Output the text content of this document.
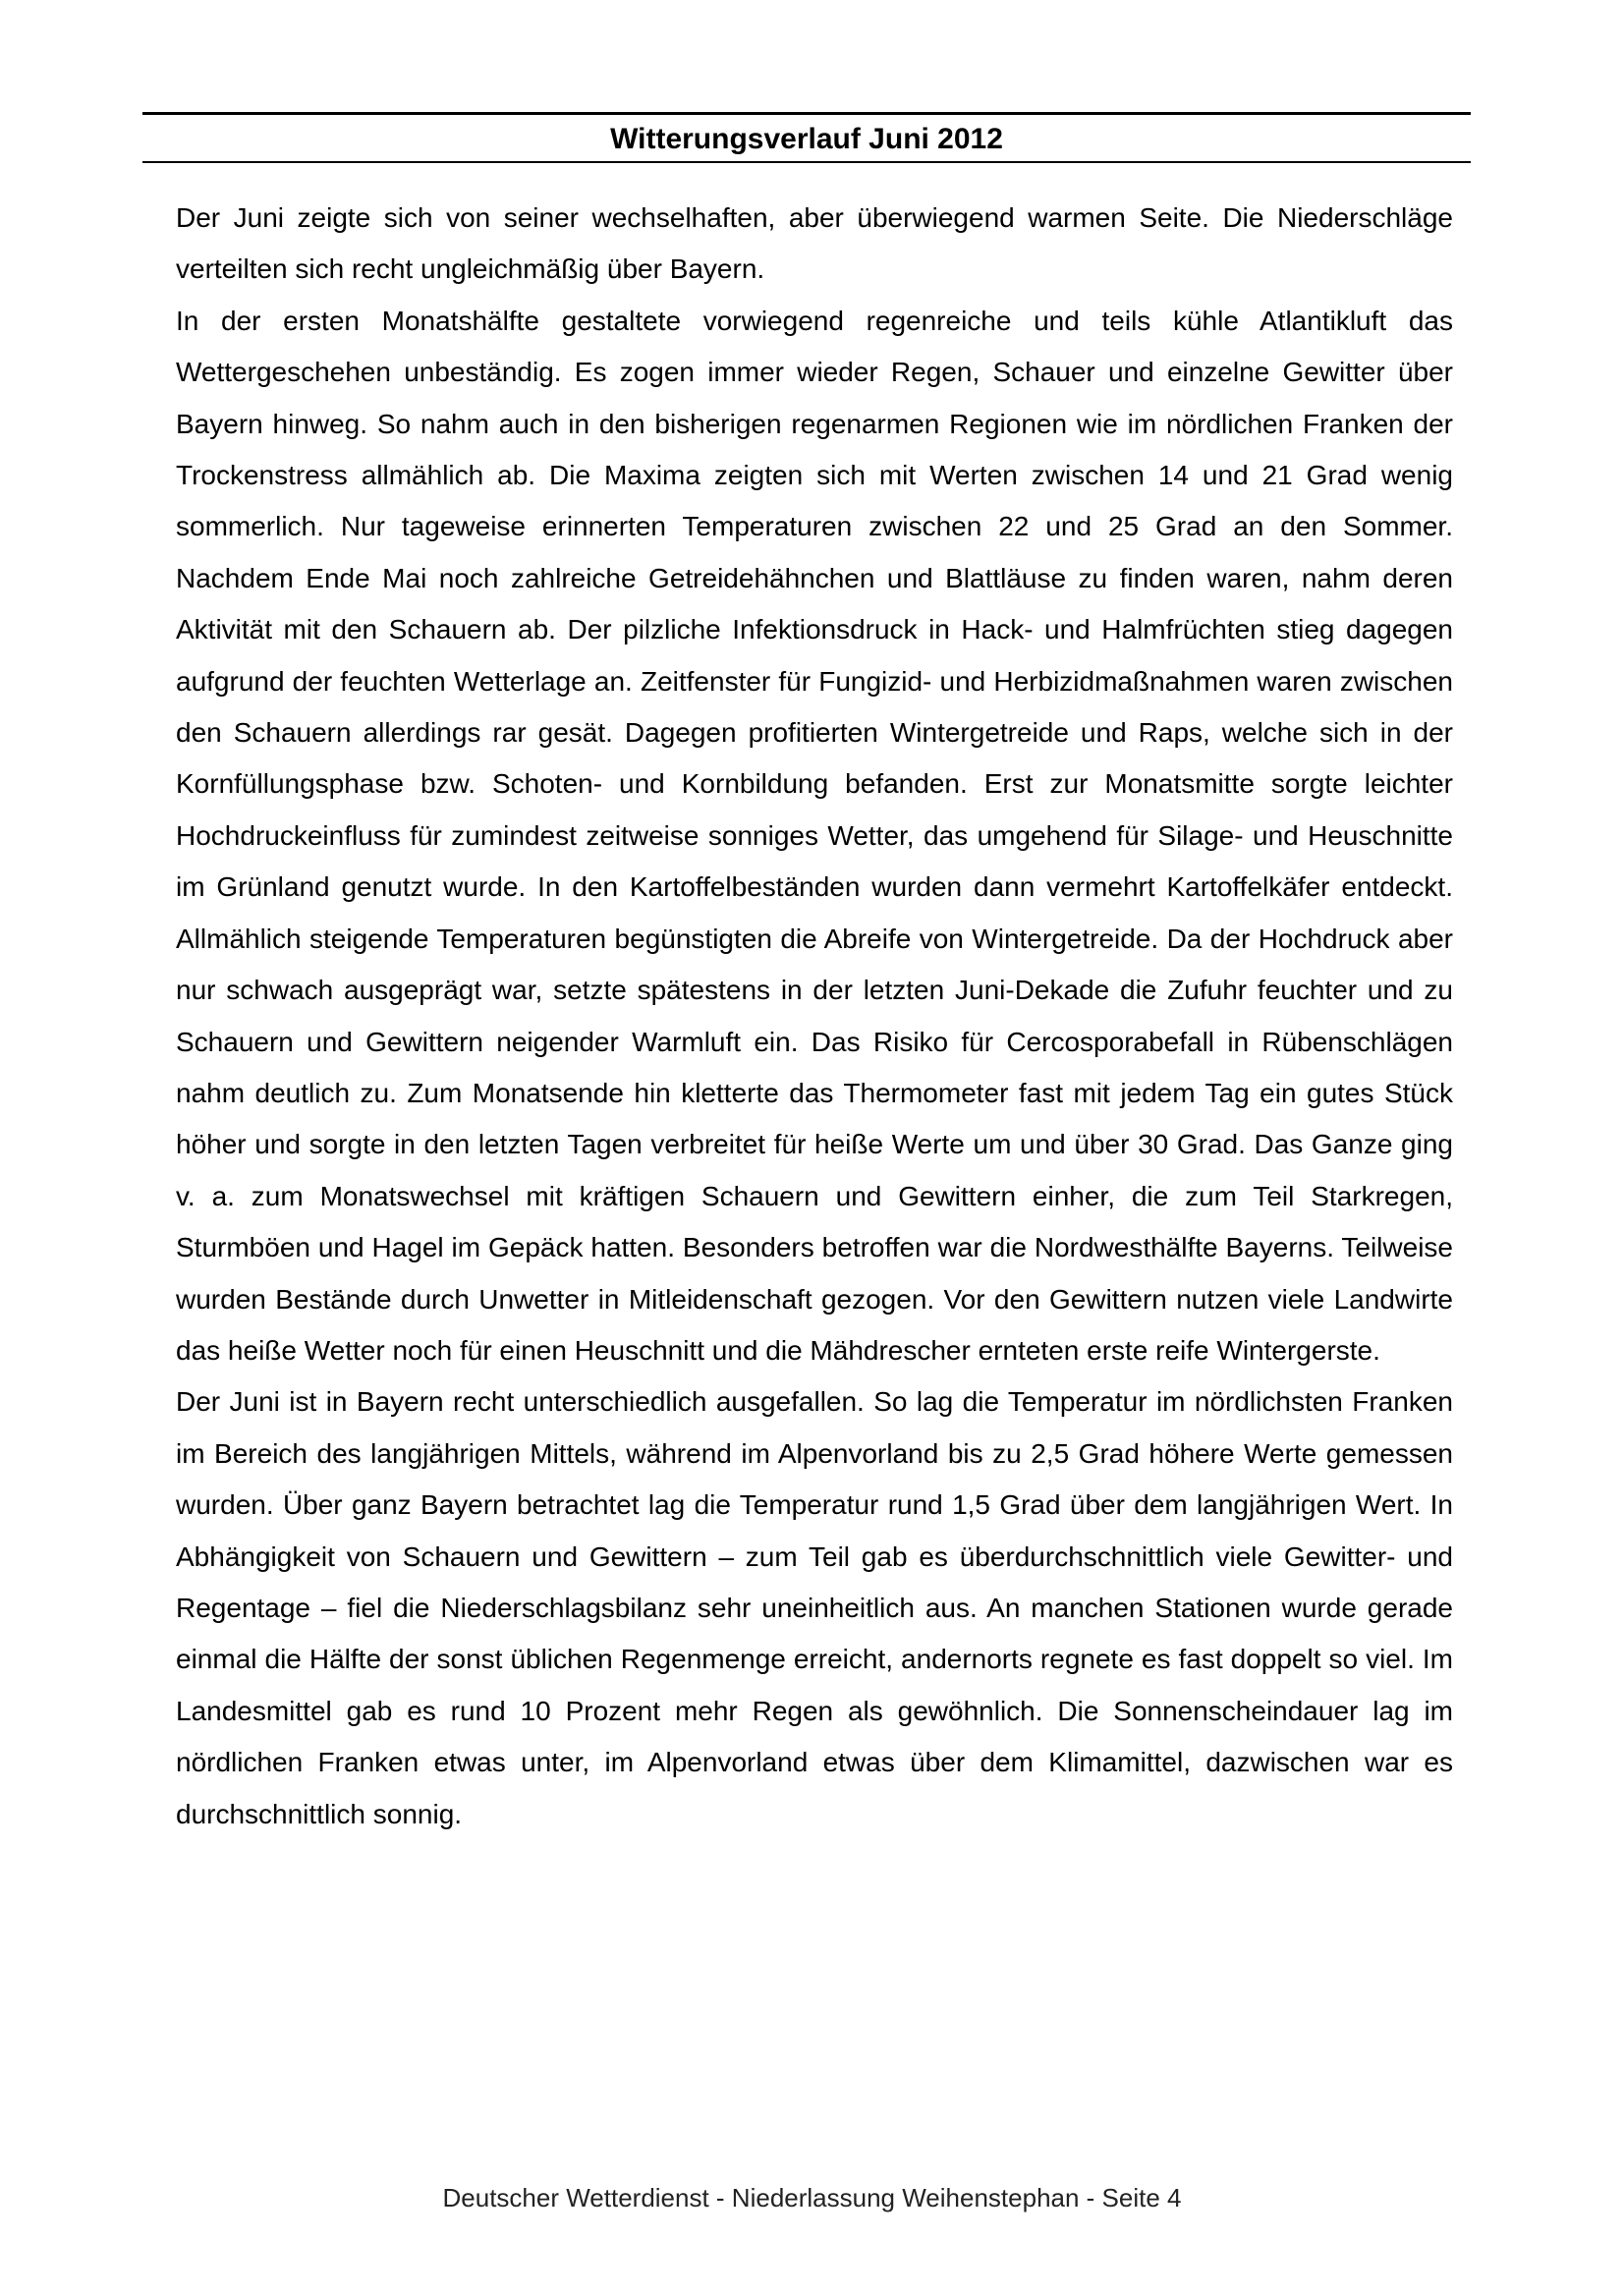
Witterungsverlauf Juni 2012

Der Juni zeigte sich von seiner wechselhaften, aber überwiegend warmen Seite. Die Niederschläge verteilten sich recht ungleichmäßig über Bayern.

In der ersten Monatshälfte gestaltete vorwiegend regenreiche und teils kühle Atlantikluft das Wettergeschehen unbeständig. Es zogen immer wieder Regen, Schauer und einzelne Gewitter über Bayern hinweg. So nahm auch in den bisherigen regenarmen Regionen wie im nördlichen Franken der Trockenstress allmählich ab. Die Maxima zeigten sich mit Werten zwischen 14 und 21 Grad wenig sommerlich. Nur tageweise erinnerten Temperaturen zwischen 22 und 25 Grad an den Sommer. Nachdem Ende Mai noch zahlreiche Getreidehähnchen und Blattläuse zu finden waren, nahm deren Aktivität mit den Schauern ab. Der pilzliche Infektionsdruck in Hack- und Halmfrüchten stieg dagegen aufgrund der feuchten Wetterlage an. Zeitfenster für Fungizid- und Herbizidmaßnahmen waren zwischen den Schauern allerdings rar gesät. Dagegen profitierten Wintergetreide und Raps, welche sich in der Kornfüllungsphase bzw. Schoten- und Kornbildung befanden. Erst zur Monatsmitte sorgte leichter Hochdruckeinfluss für zumindest zeitweise sonniges Wetter, das umgehend für Silage- und Heuschnitte im Grünland genutzt wurde. In den Kartoffelbeständen wurden dann vermehrt Kartoffelkäfer entdeckt. Allmählich steigende Temperaturen begünstigten die Abreife von Wintergetreide. Da der Hochdruck aber nur schwach ausgeprägt war, setzte spätestens in der letzten Juni-Dekade die Zufuhr feuchter und zu Schauern und Gewittern neigender Warmluft ein. Das Risiko für Cercosporabefall in Rübenschlägen nahm deutlich zu. Zum Monatsende hin kletterte das Thermometer fast mit jedem Tag ein gutes Stück höher und sorgte in den letzten Tagen verbreitet für heiße Werte um und über 30 Grad. Das Ganze ging v. a. zum Monatswechsel mit kräftigen Schauern und Gewittern einher, die zum Teil Starkregen, Sturmböen und Hagel im Gepäck hatten. Besonders betroffen war die Nordwesthälfte Bayerns. Teilweise wurden Bestände durch Unwetter in Mitleidenschaft gezogen. Vor den Gewittern nutzen viele Landwirte das heiße Wetter noch für einen Heuschnitt und die Mähdrescher ernteten erste reife Wintergerste.

Der Juni ist in Bayern recht unterschiedlich ausgefallen. So lag die Temperatur im nördlichsten Franken im Bereich des langjährigen Mittels, während im Alpenvorland bis zu 2,5 Grad höhere Werte gemessen wurden. Über ganz Bayern betrachtet lag die Temperatur rund 1,5 Grad über dem langjährigen Wert. In Abhängigkeit von Schauern und Gewittern – zum Teil gab es überdurchschnittlich viele Gewitter- und Regentage – fiel die Niederschlagsbilanz sehr uneinheitlich aus. An manchen Stationen wurde gerade einmal die Hälfte der sonst üblichen Regenmenge erreicht, andernorts regnete es fast doppelt so viel. Im Landesmittel gab es rund 10 Prozent mehr Regen als gewöhnlich. Die Sonnenscheindauer lag im nördlichen Franken etwas unter, im Alpenvorland etwas über dem Klimamittel, dazwischen war es durchschnittlich sonnig.

Deutscher Wetterdienst - Niederlassung Weihenstephan - Seite 4
